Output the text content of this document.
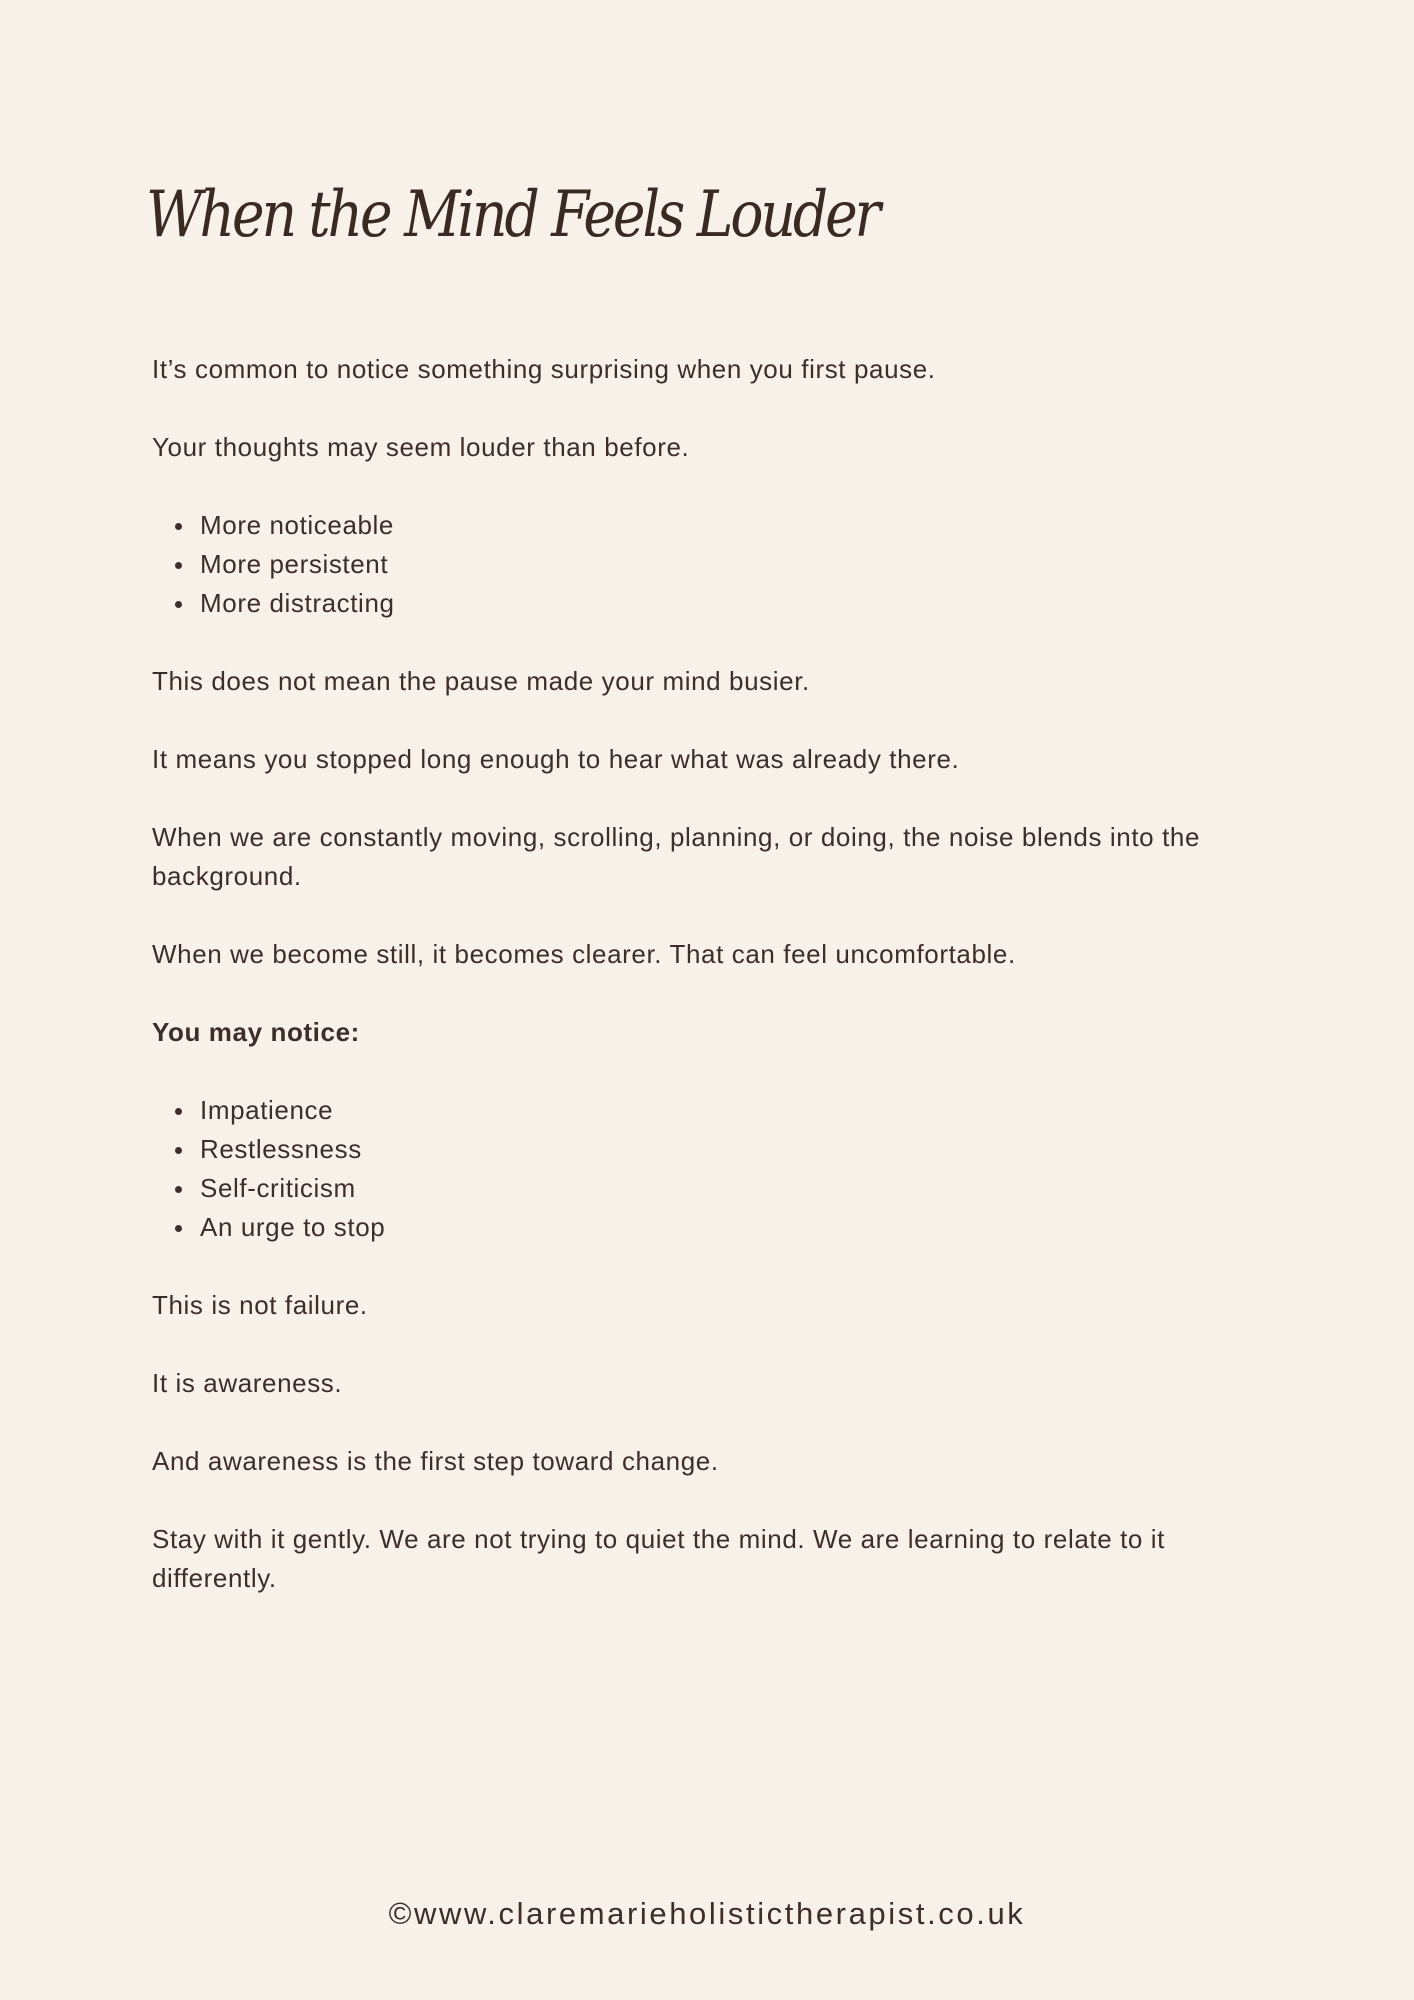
When the Mind Feels Louder

It’s common to notice something surprising when you first pause.

Your thoughts may seem louder than before.

More noticeable
More persistent
More distracting

This does not mean the pause made your mind busier.

It means you stopped long enough to hear what was already there.

When we are constantly moving, scrolling, planning, or doing, the noise blends into the background.

When we become still, it becomes clearer. That can feel uncomfortable.

You may notice:

Impatience
Restlessness
Self-criticism
An urge to stop

This is not failure.

It is awareness.

And awareness is the first step toward change.

Stay with it gently. We are not trying to quiet the mind. We are learning to relate to it differently.

©www.claremarieholistictherapist.co.uk
